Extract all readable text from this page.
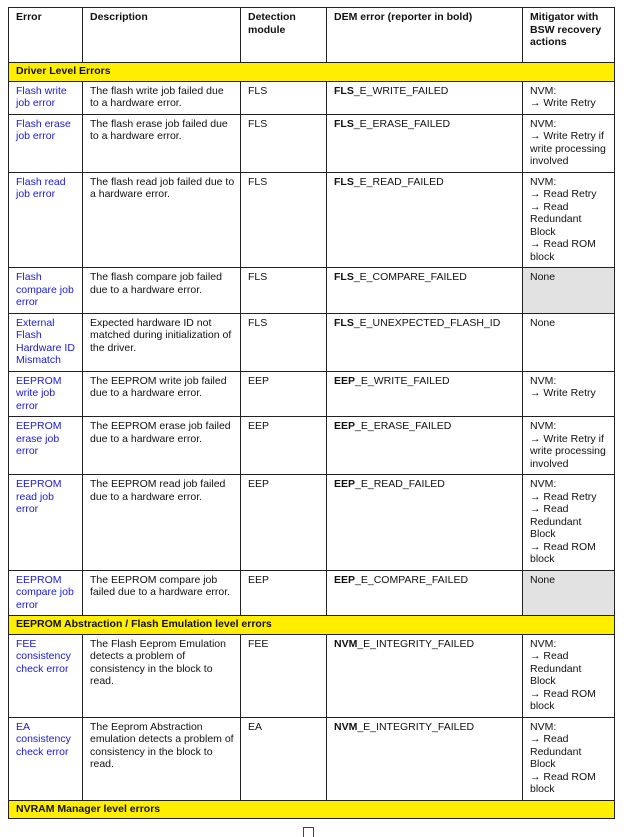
Error	Description	Detection module	DEM error (reporter in bold)	Mitigator with BSW recovery actions
Driver Level Errors				
Flash write job error	The flash write job failed due to a hardware error.	FLS	FLS_E_WRITE_FAILED	NVM:
→ Write Retry

Flash erase job error	The flash erase job failed due to a hardware error.	FLS	FLS_E_ERASE_FAILED	NVM:
→ Write Retry if write processing involved

Flash read job error	The flash read job failed due to a hardware error.	FLS	FLS_E_READ_FAILED	NVM:
→ Read Retry
→ Read Redundant Block
→ Read ROM block

Flash compare job error	The flash compare job failed due to a hardware error.	FLS	FLS_E_COMPARE_FAILED	None

External Flash Hardware ID Mismatch	Expected hardware ID not matched during initialization of the driver.	FLS	FLS_E_UNEXPECTED_FLASH_ID	None

EEPROM write job error	The EEPROM write job failed due to a hardware error.	EEP	EEP_E_WRITE_FAILED	NVM:
→ Write Retry

EEPROM erase job error	The EEPROM erase job failed due to a hardware error.	EEP	EEP_E_ERASE_FAILED	NVM:
→ Write Retry if write processing involved

EEPROM read job error	The EEPROM read job failed due to a hardware error.	EEP	EEP_E_READ_FAILED	NVM:
→ Read Retry
→ Read Redundant Block
→ Read ROM block

EEPROM compare job error	The EEPROM compare job failed due to a hardware error.	EEP	EEP_E_COMPARE_FAILED	None

EEPROM Abstraction / Flash Emulation level errors				
FEE consistency check error	The Flash Eeprom Emulation detects a problem of consistency in the block to read.	FEE	NVM_E_INTEGRITY_FAILED	NVM:
→ Read Redundant Block
→ Read ROM block

EA consistency check error	The Eeprom Abstraction emulation detects a problem of consistency in the block to read.	EA	NVM_E_INTEGRITY_FAILED	NVM:
→ Read Redundant Block
→ Read ROM block

NVRAM Manager level errors				
